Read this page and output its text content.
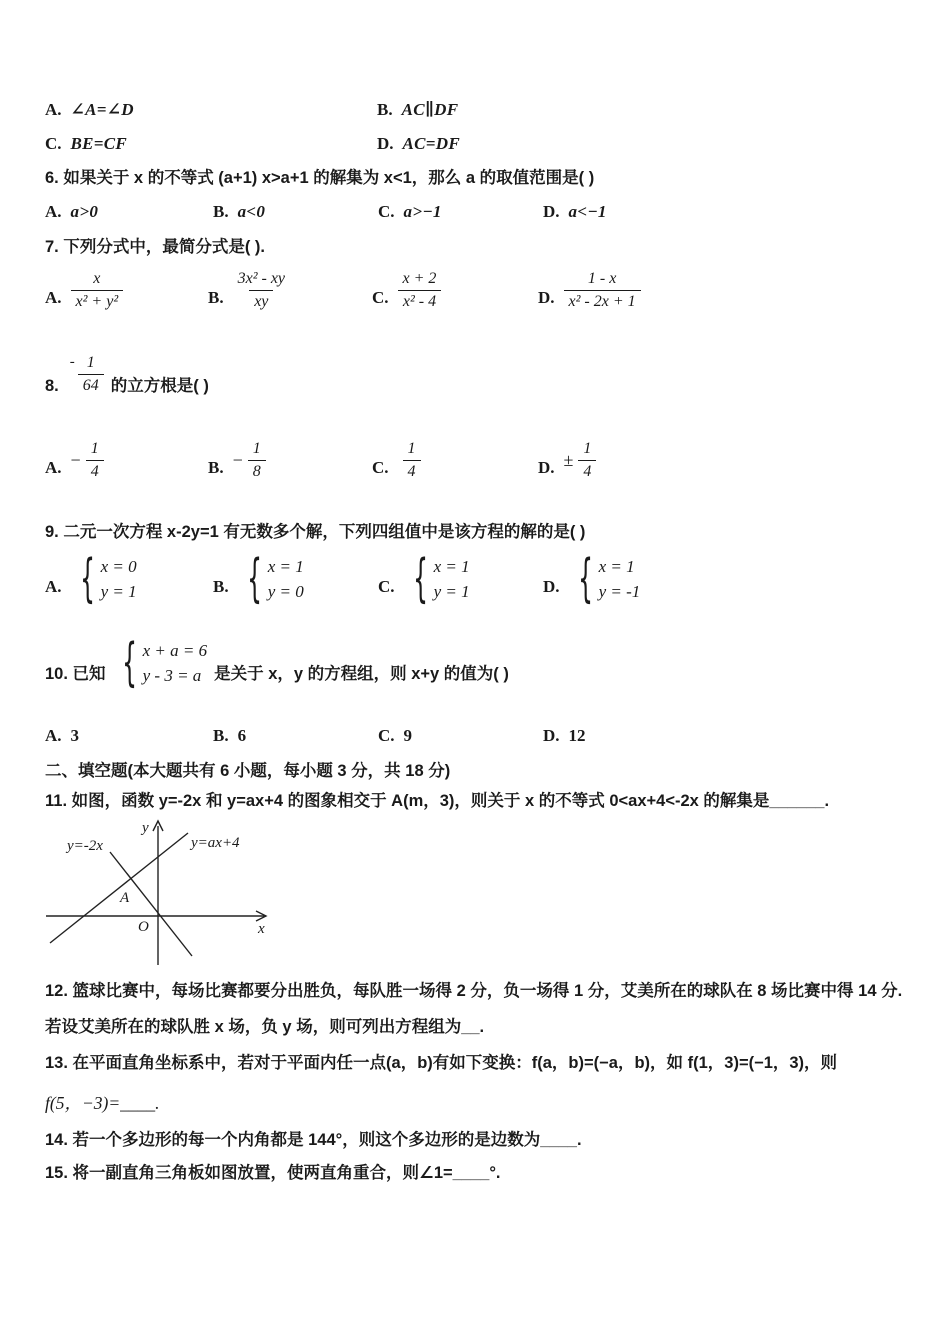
A. ∠A=∠D	B. AC∥DF
C. BE=CF	D. AC=DF
6. 如果关于 x 的不等式 (a+1) x>a+1 的解集为 x<1，那么 a 的取值范围是( )
A. a>0	B. a<0	C. a>−1	D. a<−1
7. 下列分式中，最简分式是( ).
A. $\frac{x}{\text{x² + y²}}$	B. $\frac{\text{3x² - xy}}{xy}$	C. $\frac{x + 2}{\text{x² - 4}}$	D. $\frac{1 - x}{\text{x² - 2x + 1}}$
8.
- $\frac{1}{64}$ 的立方根是( )
A. − $\frac{1}{4}$	B. − $\frac{1}{8}$	C. $\frac{1}{4}$	D. ± $\frac{1}{4}$
9. 二元一次方程 x-2y=1 有无数多个解，下列四组值中是该方程的解的是( )
A. { x = 0
y = 1	B. { x = 1
y = 0	C. { x = 1
y = 1	D. { x = 1
y = -1
10. 已知 { x + a = 6
y - 3 = a 是关于 x，y 的方程组，则 x+y 的值为( )
A. 3	B. 6	C. 9	D. 12
二、填空题(本大题共有 6 小题，每小题 3 分，共 18 分)
11. 如图，函数 y=-2x 和 y=ax+4 的图象相交于 A(m，3)，则关于 x 的不等式 0<ax+4<-2x 的解集是______.
y
x
O
A
y=-2x	y=ax+4
12. 篮球比赛中，每场比赛都要分出胜负，每队胜一场得 2 分，负一场得 1 分，艾美所在的球队在 8 场比赛中得 14 分.
若设艾美所在的球队胜 x 场，负 y 场，则可列出方程组为__.
13. 在平面直角坐标系中，若对于平面内任一点(a，b)有如下变换：f(a，b)=(−a，b)，如 f(1，3)=(−1，3)，则
f(5，−3)=____.
14. 若一个多边形的每一个内角都是 144°，则这个多边形的是边数为____.
15. 将一副直角三角板如图放置，使两直角重合，则∠1=____°.
